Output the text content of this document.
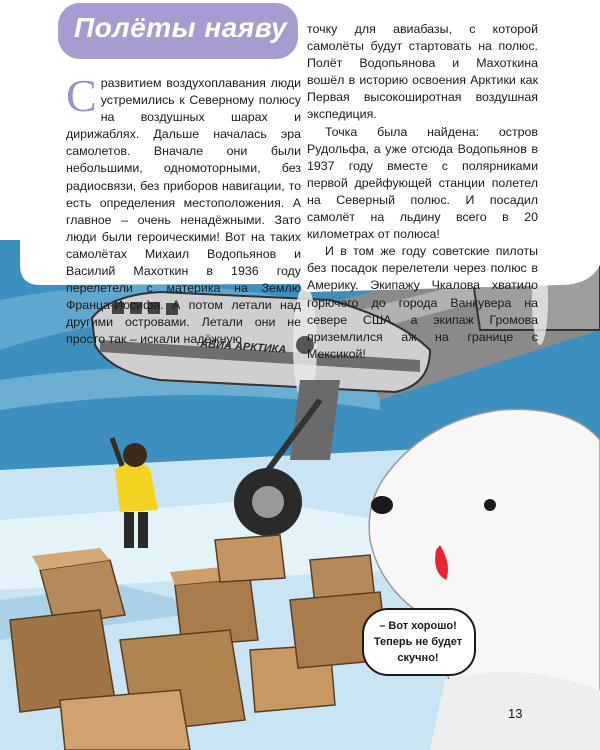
Полёты наяву

Сразвитием воздухоплавания люди устремились к Северному полюсу на воздушных шарах и дирижаблях. Дальше началась эра самолетов. Вначале они были небольшими, одномоторными, без радиосвязи, без приборов навигации, то есть определения местоположения. А главное – очень ненадёжными. Зато люди были героическими! Вот на таких самолётах Михаил Водопьянов и Василий Махоткин в 1936 году перелетели с материка на Землю Франца-Иосифа. А потом летали над другими островами. Летали они не просто так – искали надёжную

точку для авиабазы, с которой самолёты будут стартовать на полюс. Полёт Водопьянова и Махоткина вошёл в историю освоения Арктики как Первая высокоширотная воздушная экспедиция.

Точка была найдена: остров Рудольфа, а уже отсюда Водопьянов в 1937 году вместе с полярниками первой дрейфующей станции полетел на Северный полюс. И посадил самолёт на льдину всего в 20 километрах от полюса!

И в том же году советские пилоты без посадок перелетели через полюс в Америку. Экипажу Чкалова хватило горючего до города Ванкувера на севере США, а экипаж Громова приземлился аж на границе с Мексикой!

АВИА АРКТИКА

– Вот хорошо! Теперь не будет скучно!

13
